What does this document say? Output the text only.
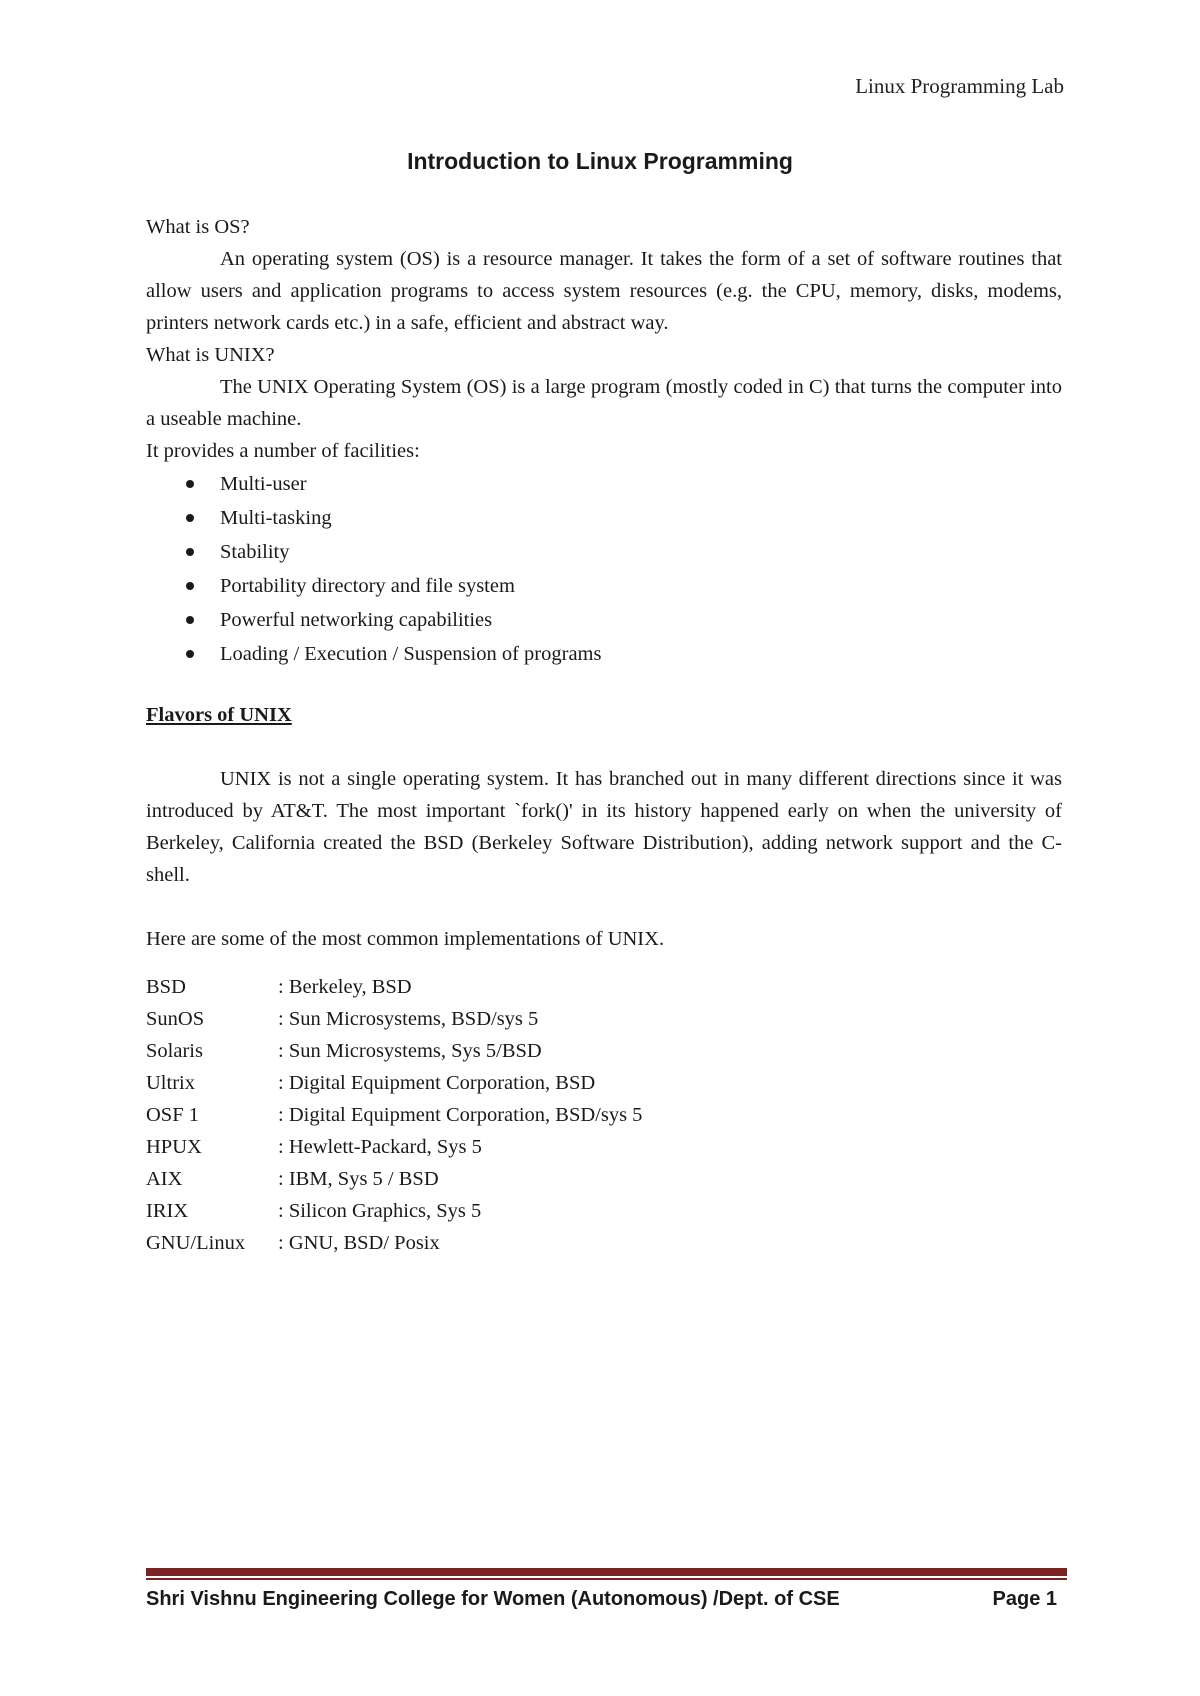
Linux Programming Lab
Introduction to Linux Programming

What is OS?

An operating system (OS) is a resource manager. It takes the form of a set of software routines that allow users and application programs to access system resources (e.g. the CPU, memory, disks, modems, printers network cards etc.) in a safe, efficient and abstract way.

What is UNIX?

The UNIX Operating System (OS) is a large program (mostly coded in C) that turns the computer into a useable machine.

It provides a number of facilities:

Multi-user
Multi-tasking
Stability
Portability directory and file system
Powerful networking capabilities
Loading / Execution / Suspension of programs

Flavors of UNIX

UNIX is not a single operating system. It has branched out in many different directions since it was introduced by AT&T. The most important `fork()' in its history happened early on when the university of Berkeley, California created the BSD (Berkeley Software Distribution), adding network support and the C-shell.

Here are some of the most common implementations of UNIX.

BSD	: Berkeley, BSD
SunOS	: Sun Microsystems, BSD/sys 5
Solaris	: Sun Microsystems, Sys 5/BSD
Ultrix	: Digital Equipment Corporation, BSD
OSF 1	: Digital Equipment Corporation, BSD/sys 5
HPUX	: Hewlett-Packard, Sys 5
AIX	: IBM, Sys 5 / BSD
IRIX	: Silicon Graphics, Sys 5
GNU/Linux	: GNU, BSD/ Posix
Shri Vishnu Engineering College for Women (Autonomous) /Dept. of CSE	Page 1
